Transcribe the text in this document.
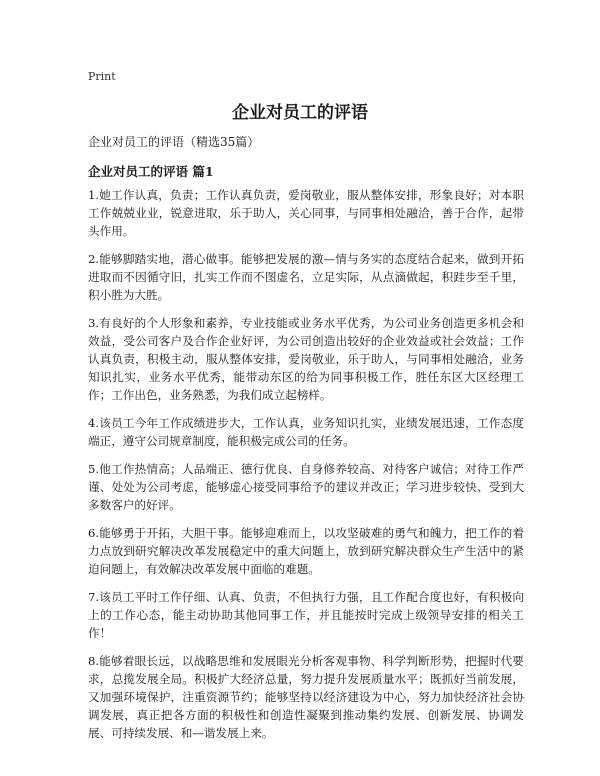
Print
企业对员工的评语
企业对员工的评语（精选35篇）
企业对员工的评语 篇1

1.她工作认真，负责；工作认真负责，爱岗敬业，服从整体安排，形象良好；对本职工作兢兢业业，锐意进取，乐于助人，关心同事，与同事相处融洽，善于合作，起带头作用。

2.能够脚踏实地，潜心做事。能够把发展的激—情与务实的态度结合起来，做到开拓进取而不因循守旧，扎实工作而不图虚名，立足实际，从点滴做起，积跬步至千里，积小胜为大胜。

3.有良好的个人形象和素养，专业技能或业务水平优秀，为公司业务创造更多机会和效益，受公司客户及合作企业好评，为公司创造出较好的企业效益或社会效益；工作认真负责，积极主动，服从整体安排，爱岗敬业，乐于助人，与同事相处融洽，业务知识扎实，业务水平优秀，能带动东区的给为同事积极工作，胜任东区大区经理工作；工作出色，业务熟悉，为我们成立起榜样。

4.该员工今年工作成绩进步大，工作认真，业务知识扎实，业绩发展迅速，工作态度端正，遵守公司规章制度，能积极完成公司的任务。

5.他工作热情高；人品端正、德行优良、自身修养较高、对待客户诚信；对待工作严谨、处处为公司考虑，能够虚心接受同事给予的建议并改正；学习进步较快、受到大多数客户的好评。

6.能够勇于开拓，大胆干事。能够迎难而上，以攻坚破难的勇气和魄力，把工作的着力点放到研究解决改革发展稳定中的重大问题上，放到研究解决群众生产生活中的紧迫问题上，有效解决改革发展中面临的难题。

7.该员工平时工作仔细、认真、负责，不但执行力强，且工作配合度也好，有积极向上的工作心态，能主动协助其他同事工作，并且能按时完成上级领导安排的相关工作！

8.能够着眼长远，以战略思维和发展眼光分析客观事物、科学判断形势，把握时代要求，总揽发展全局。积极扩大经济总量，努力提升发展质量水平；既抓好当前发展，又加强环境保护，注重资源节约；能够坚持以经济建设为中心，努力加快经济社会协调发展，真正把各方面的积极性和创造性凝聚到推动集约发展、创新发展、协调发展、可持续发展、和—谐发展上来。
